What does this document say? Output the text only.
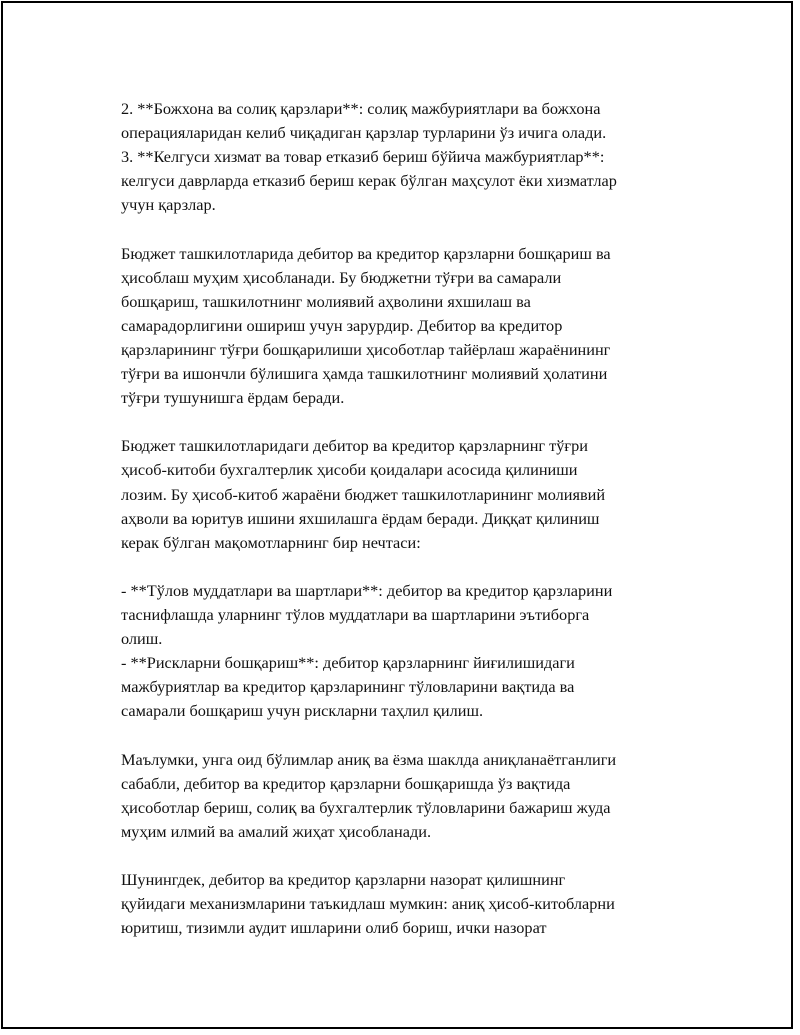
2. **Божхона ва солиқ қарзлари**: солиқ мажбуриятлари ва божхона
операцияларидан келиб чиқадиган қарзлар турларини ўз ичига олади.
3. **Келгуси хизмат ва товар етказиб бериш бўйича мажбуриятлар**:
келгуси даврларда етказиб бериш керак бўлган маҳсулот ёки хизматлар
учун қарзлар.

Бюджет ташкилотларида дебитор ва кредитор қарзларни бошқариш ва
ҳисоблаш муҳим ҳисобланади. Бу бюджетни тўғри ва самарали
бошқариш, ташкилотнинг молиявий аҳволини яхшилаш ва
самарадорлигини ошириш учун зарурдир. Дебитор ва кредитор
қарзларининг тўғри бошқарилиши ҳисоботлар тайёрлаш жараёнининг
тўғри ва ишончли бўлишига ҳамда ташкилотнинг молиявий ҳолатини
тўғри тушунишга ёрдам беради.

Бюджет ташкилотларидаги дебитор ва кредитор қарзларнинг тўғри
ҳисоб-китоби бухгалтерлик ҳисоби қоидалари асосида қилиниши
лозим. Бу ҳисоб-китоб жараёни бюджет ташкилотларининг молиявий
аҳволи ва юритув ишини яхшилашга ёрдам беради. Диққат қилиниш
керак бўлган мақомотларнинг бир нечтаси:

- **Тўлов муддатлари ва шартлари**: дебитор ва кредитор қарзларини
таснифлашда уларнинг тўлов муддатлари ва шартларини эътиборга
олиш.
- **Рискларни бошқариш**: дебитор қарзларнинг йиғилишидаги
мажбуриятлар ва кредитор қарзларининг тўловларини вақтида ва
самарали бошқариш учун рискларни таҳлил қилиш.

Маълумки, унга оид бўлимлар аниқ ва ёзма шаклда аниқланаётганлиги
сабабли, дебитор ва кредитор қарзларни бошқаришда ўз вақтида
ҳисоботлар бериш, солиқ ва бухгалтерлик тўловларини бажариш жуда
муҳим илмий ва амалий жиҳат ҳисобланади.

Шунингдек, дебитор ва кредитор қарзларни назорат қилишнинг
қуйидаги механизмларини таъкидлаш мумкин: аниқ ҳисоб-китобларни
юритиш, тизимли аудит ишларини олиб бориш, ички назорат
